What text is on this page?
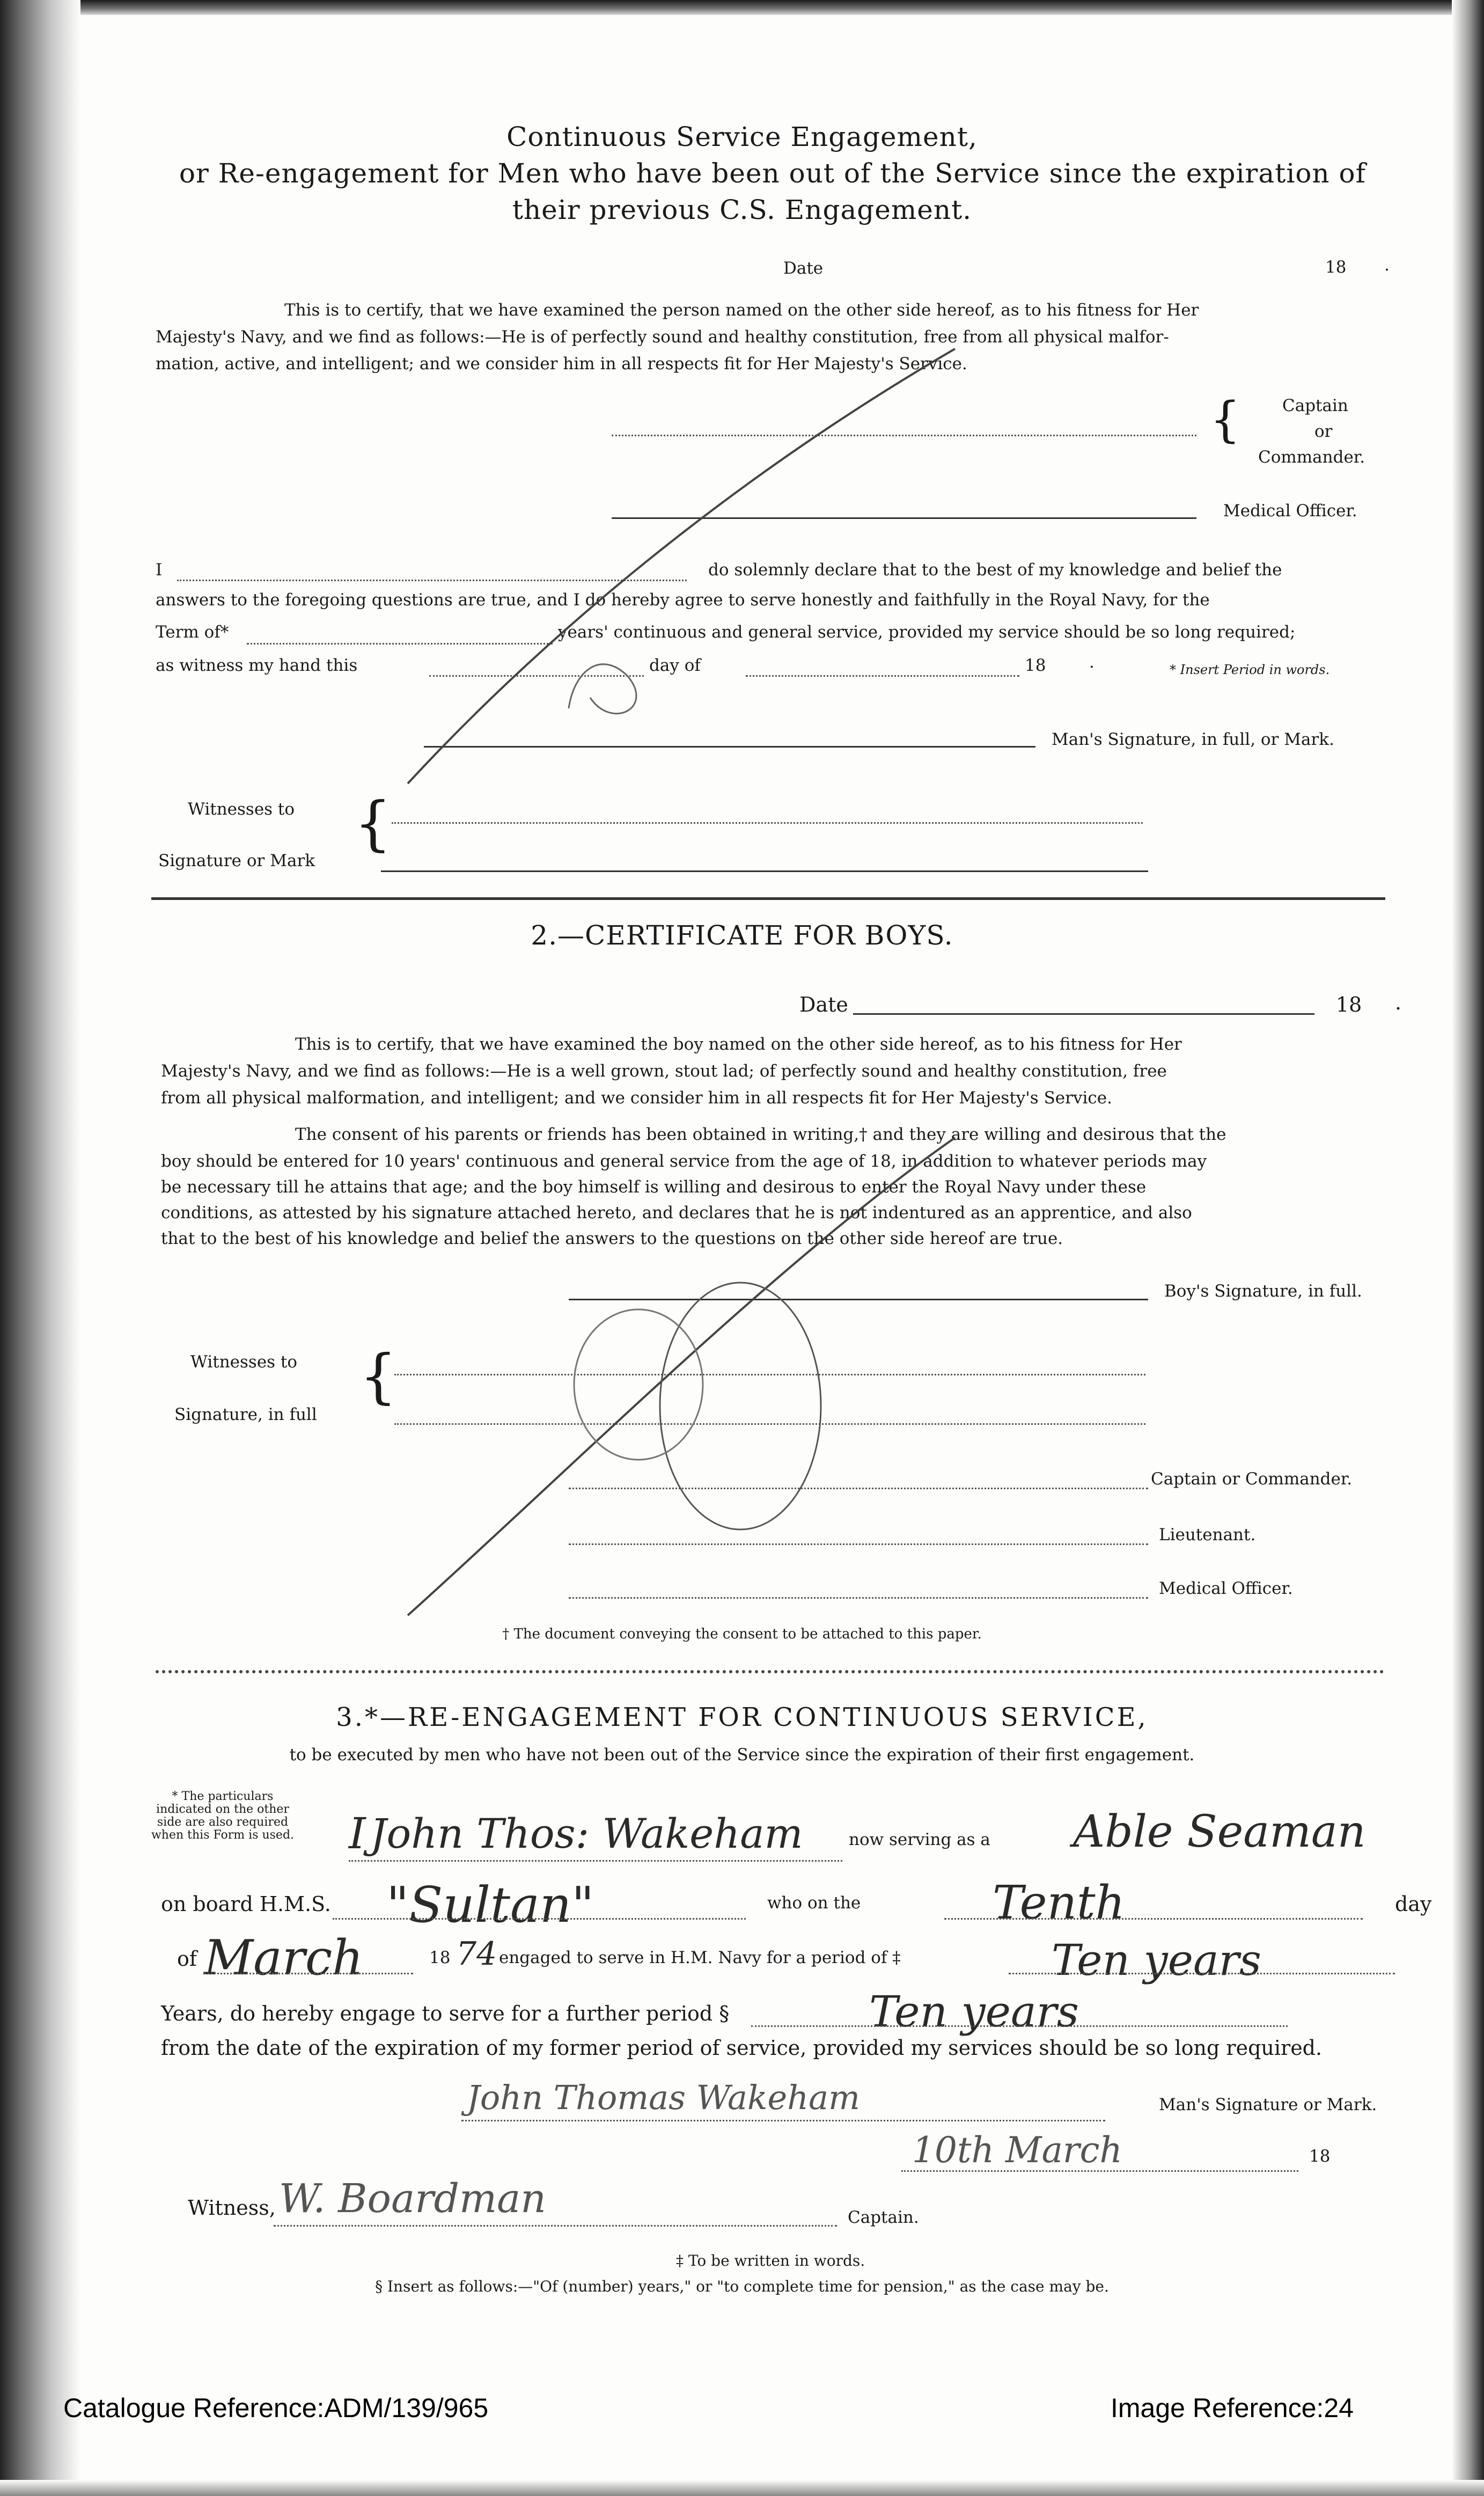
Continuous Service Engagement,
or Re-engagement for Men who have been out of the Service since the expiration of
their previous C.S. Engagement.
Date	18 .
This is to certify, that we have examined the person named on the other side hereof, as to his fitness for Her
Majesty's Navy, and we find as follows:—He is of perfectly sound and healthy constitution, free from all physical malfor-
mation, active, and intelligent; and we consider him in all respects fit for Her Majesty's Service.
{	Captain
or
Commander.
Medical Officer.
I	do solemnly declare that to the best of my knowledge and belief the
answers to the foregoing questions are true, and I do hereby agree to serve honestly and faithfully in the Royal Navy, for the
Term of*	years' continuous and general service, provided my service should be so long required;
as witness my hand this	day of	18	.	* Insert Period in words.
Man's Signature, in full, or Mark.
Witnesses to
Signature or Mark
{
2.—CERTIFICATE FOR BOYS.
Date	18 .
This is to certify, that we have examined the boy named on the other side hereof, as to his fitness for Her
Majesty's Navy, and we find as follows:—He is a well grown, stout lad; of perfectly sound and healthy constitution, free
from all physical malformation, and intelligent; and we consider him in all respects fit for Her Majesty's Service.
The consent of his parents or friends has been obtained in writing,† and they are willing and desirous that the
boy should be entered for 10 years' continuous and general service from the age of 18, in addition to whatever periods may
be necessary till he attains that age; and the boy himself is willing and desirous to enter the Royal Navy under these
conditions, as attested by his signature attached hereto, and declares that he is not indentured as an apprentice, and also
that to the best of his knowledge and belief the answers to the questions on the other side hereof are true.
Boy's Signature, in full.
Witnesses to
Signature, in full
{
Captain or Commander.
Lieutenant.
Medical Officer.
† The document conveying the consent to be attached to this paper.
3.*—RE-ENGAGEMENT FOR CONTINUOUS SERVICE,
to be executed by men who have not been out of the Service since the expiration of their first engagement.
* The particulars indicated on the other side are also required when this Form is used. I John Thos: Wakeham	now serving as a Able Seaman
on board H.M.S. "Sultan"	who on the	Tenth	day
of March	18 74 engaged to serve in H.M. Navy for a period of ‡	Ten years
Years, do hereby engage to serve for a further period §	Ten years
from the date of the expiration of my former period of service, provided my services should be so long required.
John Thomas Wakeham	Man's Signature or Mark.
10th March	18
Witness, W. Boardman	Captain.
‡ To be written in words.
§ Insert as follows:—"Of (number) years," or "to complete time for pension," as the case may be.
Catalogue Reference:ADM/139/965	Image Reference:24
